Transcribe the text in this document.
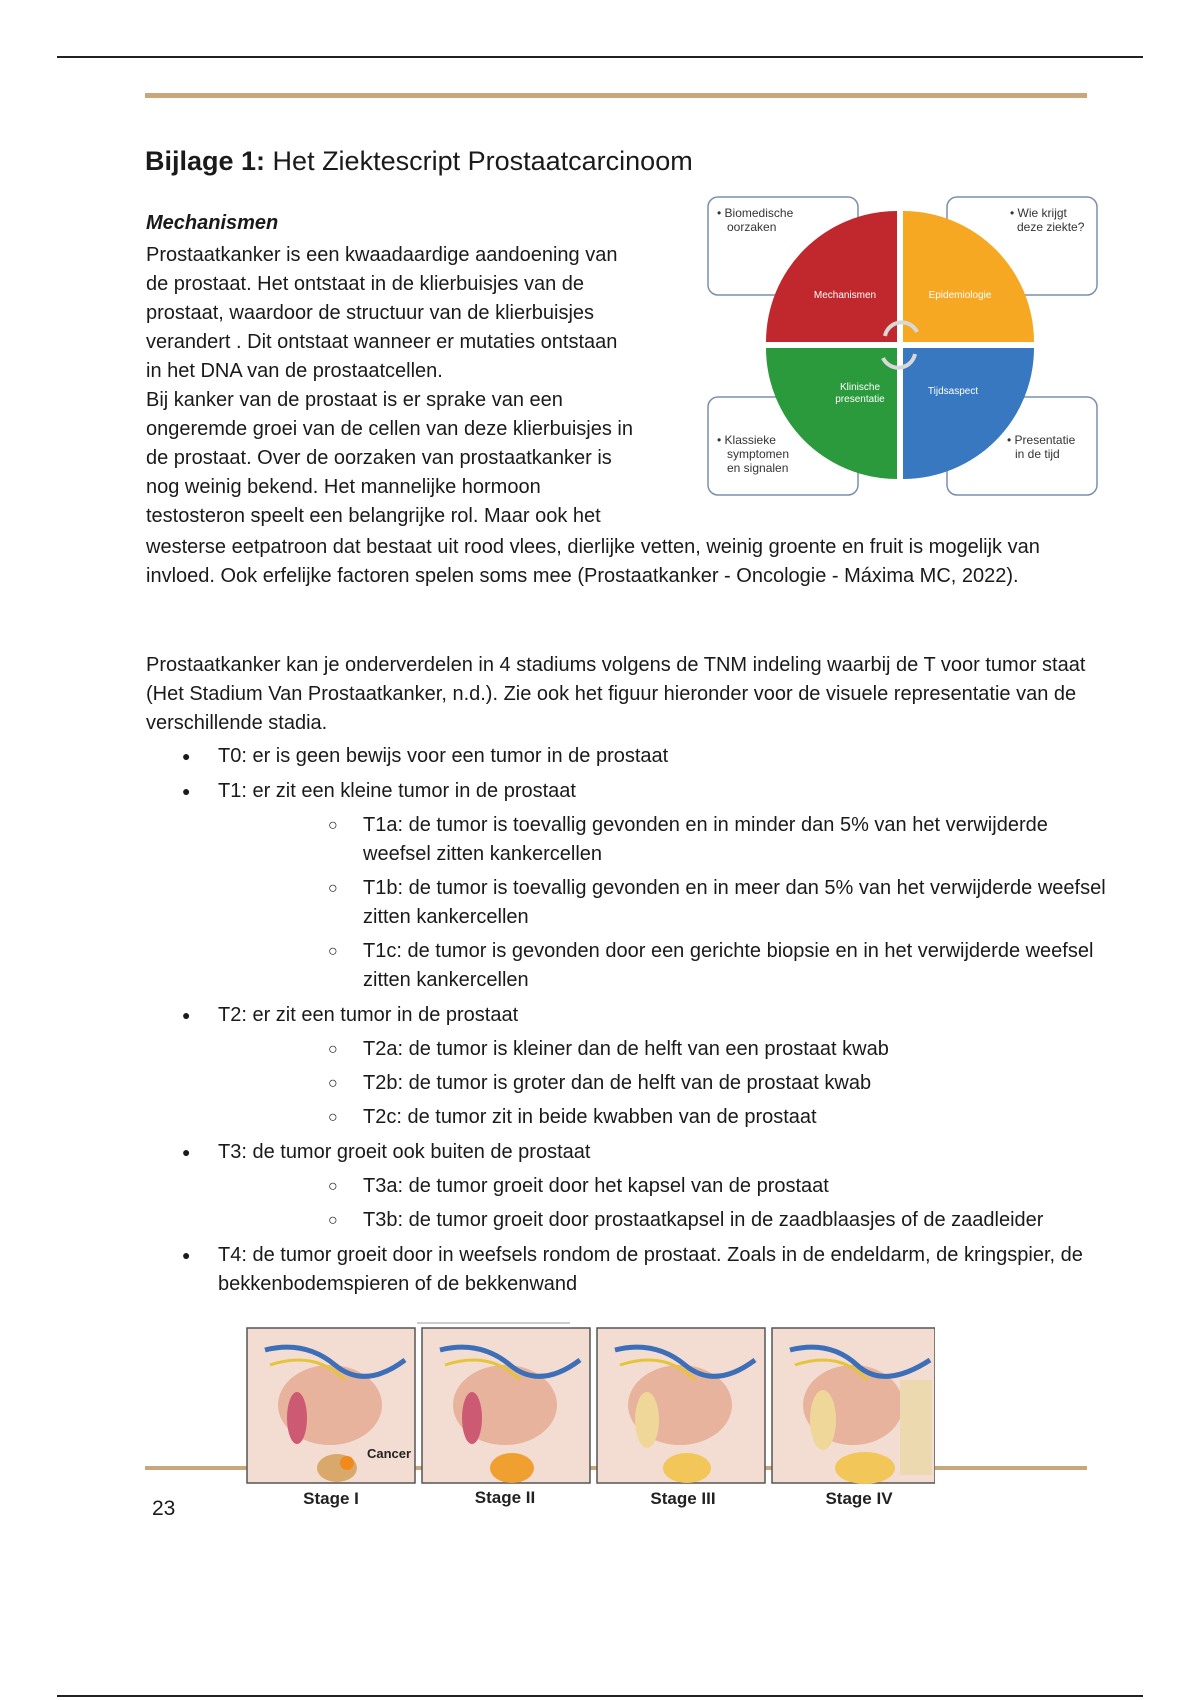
Bijlage 1: Het Ziektescript Prostaatcarcinoom
Mechanismen
Prostaatkanker is een kwaadaardige aandoening van
de prostaat. Het ontstaat in de klierbuisjes van de
prostaat, waardoor de structuur van de klierbuisjes
verandert . Dit ontstaat wanneer er mutaties ontstaan
in het DNA van de prostaatcellen.
Bij kanker van de prostaat is er sprake van een
ongeremde groei van de cellen van deze klierbuisjes in
de prostaat. Over de oorzaken van prostaatkanker is
nog weinig bekend. Het mannelijke hormoon
testosteron speelt een belangrijke rol. Maar ook het
westerse eetpatroon dat bestaat uit rood vlees, dierlijke vetten, weinig groente en fruit is mogelijk van invloed. Ook erfelijke factoren spelen soms mee (Prostaatkanker - Oncologie - Máxima MC, 2022).
• Biomedische
oorzaken
• Wie krijgt
deze ziekte?
• Klassieke
symptomen
en signalen
• Presentatie
in de tijd
Mechanismen	Epidemiologie
Klinische
presentatie
Tijdsaspect
Prostaatkanker kan je onderverdelen in 4 stadiums volgens de TNM indeling waarbij de T voor tumor staat (Het Stadium Van Prostaatkanker, n.d.). Zie ook het figuur hieronder voor de visuele representatie van de verschillende stadia.
● T0: er is geen bewijs voor een tumor in de prostaat
● T1: er zit een kleine tumor in de prostaat
○ T1a: de tumor is toevallig gevonden en in minder dan 5% van het verwijderde weefsel zitten kankercellen
○ T1b: de tumor is toevallig gevonden en in meer dan 5% van het verwijderde weefsel zitten kankercellen
○ T1c: de tumor is gevonden door een gerichte biopsie en in het verwijderde weefsel zitten kankercellen
● T2: er zit een tumor in de prostaat
○ T2a: de tumor is kleiner dan de helft van een prostaat kwab
○ T2b: de tumor is groter dan de helft van de prostaat kwab
○ T2c: de tumor zit in beide kwabben van de prostaat
● T3: de tumor groeit ook buiten de prostaat
○ T3a: de tumor groeit door het kapsel van de prostaat
○ T3b: de tumor groeit door prostaatkapsel in de zaadblaasjes of de zaadleider
● T4: de tumor groeit door in weefsels rondom de prostaat. Zoals in de endeldarm, de kringspier, de bekkenbodemspieren of de bekkenwand
Cancer
Stage I	Stage II	Stage III	Stage IV
23
